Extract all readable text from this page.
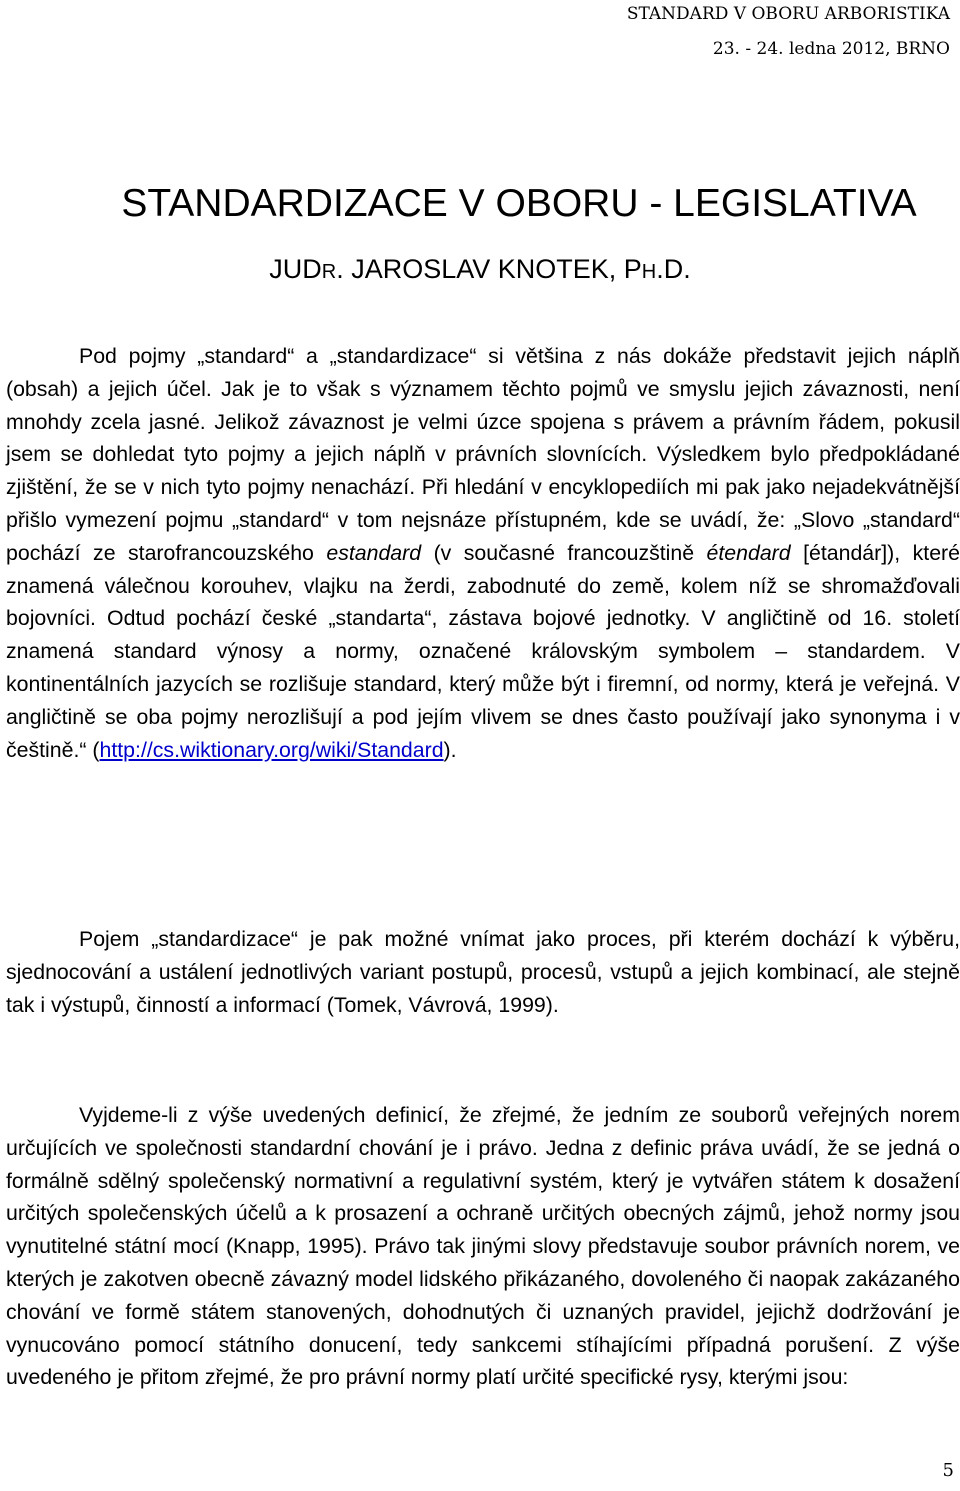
STANDARD V OBORU ARBORISTIKA
23. - 24. ledna 2012, BRNO
STANDARDIZACE V OBORU - LEGISLATIVA
JUDR. JAROSLAV KNOTEK, PH.D.

Pod pojmy „standard“ a „standardizace“ si většina z nás dokáže představit jejich náplň (obsah) a jejich účel. Jak je to však s významem těchto pojmů ve smyslu jejich závaznosti, není mnohdy zcela jasné. Jelikož závaznost je velmi úzce spojena s právem a právním řádem, pokusil jsem se dohledat tyto pojmy a jejich náplň v právních slovnících. Výsledkem bylo předpokládané zjištění, že se v nich tyto pojmy nenachází. Při hledání v encyklopediích mi pak jako nejadekvátnější přišlo vymezení pojmu „standard“ v tom nejsnáze přístupném, kde se uvádí, že: „Slovo „standard“ pochází ze starofrancouzského estandard (v současné francouzštině étendard [étandár]), které znamená válečnou korouhev, vlajku na žerdi, zabodnuté do země, kolem níž se shromažďovali bojovníci. Odtud pochází české „standarta“, zástava bojové jednotky. V angličtině od 16. století znamená standard výnosy a normy, označené královským symbolem – standardem. V kontinentálních jazycích se rozlišuje standard, který může být i firemní, od normy, která je veřejná. V angličtině se oba pojmy nerozlišují a pod jejím vlivem se dnes často používají jako synonyma i v češtině.“ (http://cs.wiktionary.org/wiki/Standard).

Pojem „standardizace“ je pak možné vnímat jako proces, při kterém dochází k výběru, sjednocování a ustálení jednotlivých variant postupů, procesů, vstupů a jejich kombinací, ale stejně tak i výstupů, činností a informací (Tomek, Vávrová, 1999).

Vyjdeme-li z výše uvedených definicí, že zřejmé, že jedním ze souborů veřejných norem určujících ve společnosti standardní chování je i právo. Jedna z definic práva uvádí, že se jedná o formálně sdělný společenský normativní a regulativní systém, který je vytvářen státem k dosažení určitých společenských účelů a k prosazení a ochraně určitých obecných zájmů, jehož normy jsou vynutitelné státní mocí (Knapp, 1995). Právo tak jinými slovy představuje soubor právních norem, ve kterých je zakotven obecně závazný model lidského přikázaného, dovoleného či naopak zakázaného chování ve formě státem stanovených, dohodnutých či uznaných pravidel, jejichž dodržování je vynucováno pomocí státního donucení, tedy sankcemi stíhajícími případná porušení. Z výše uvedeného je přitom zřejmé, že pro právní normy platí určité specifické rysy, kterými jsou:

5
